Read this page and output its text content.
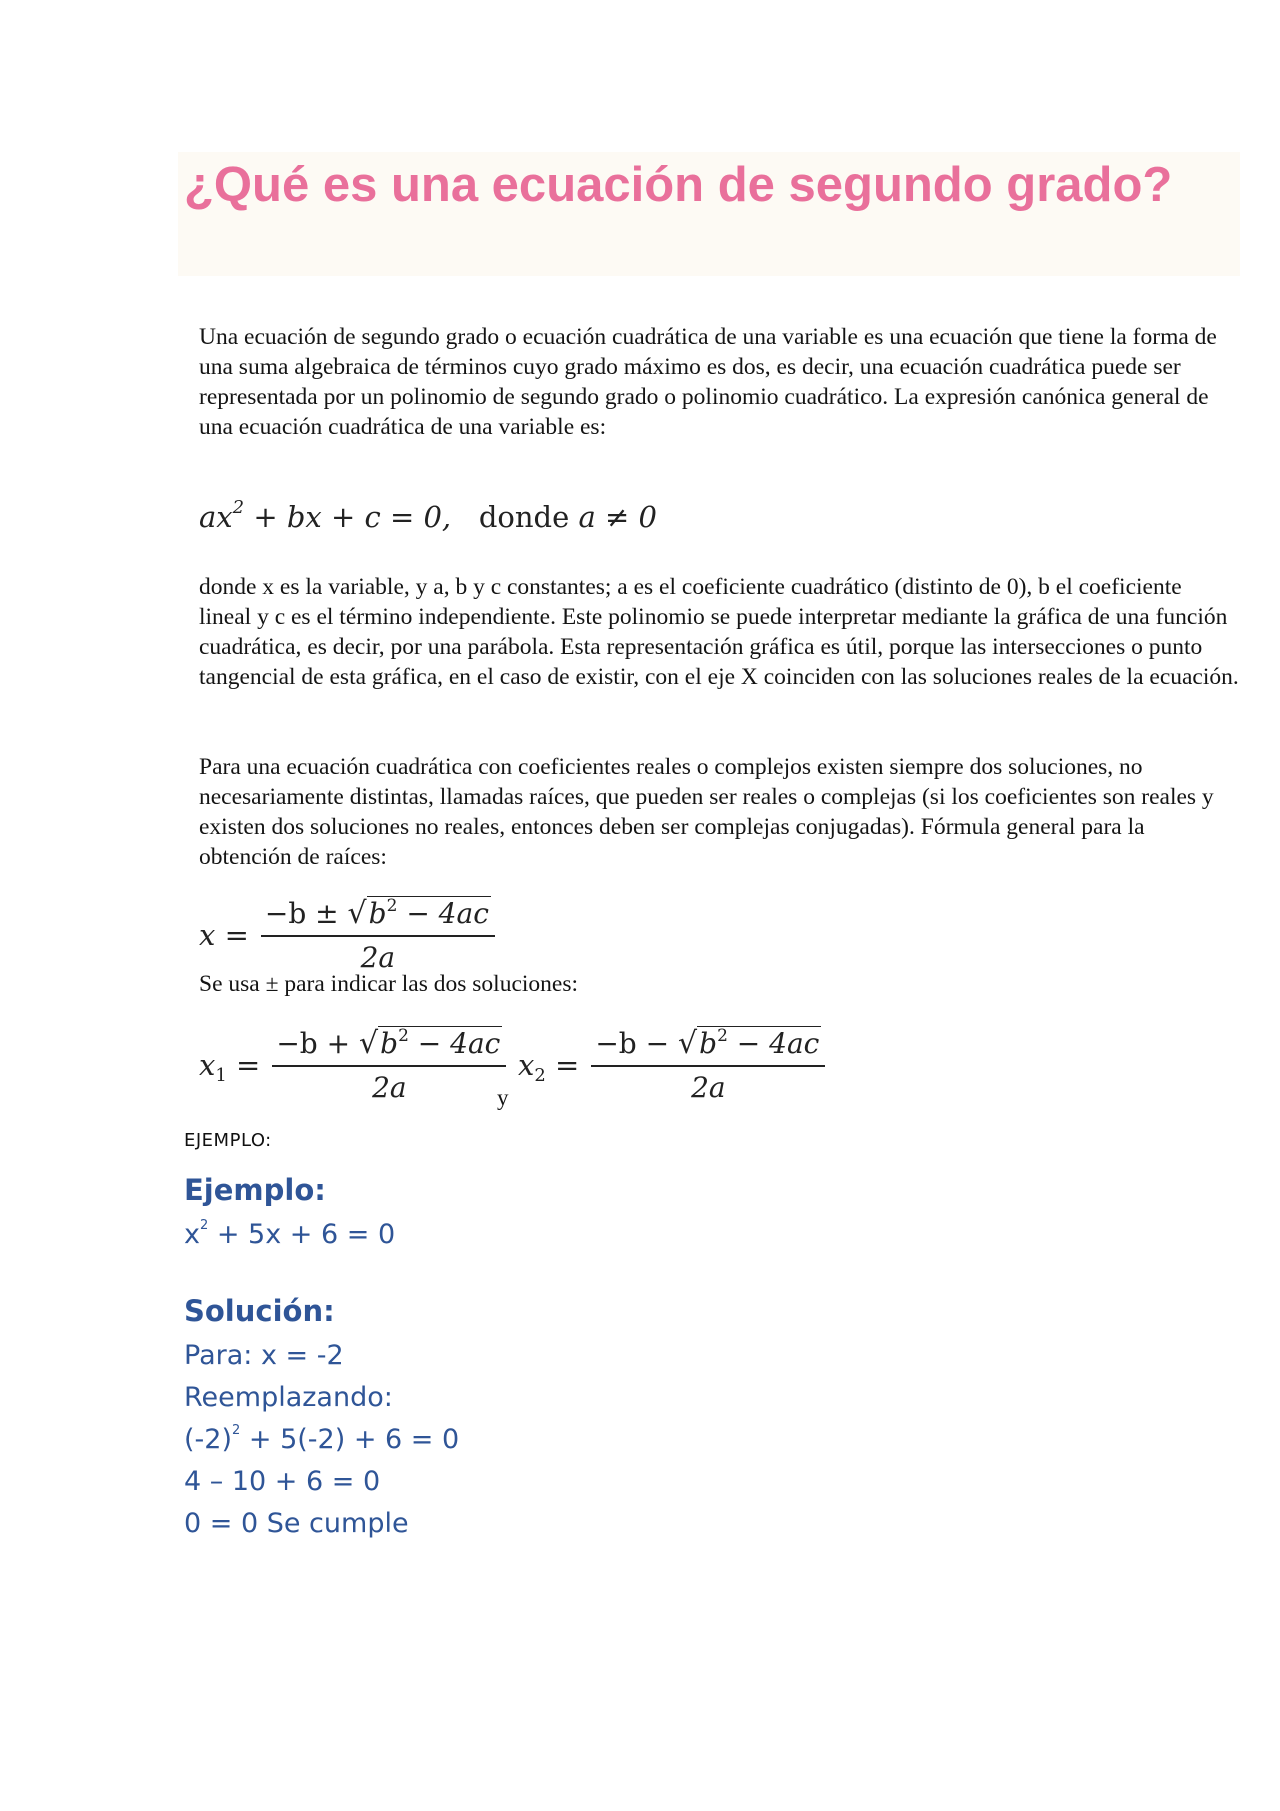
¿Qué es una ecuación de segundo grado?

Una ecuación de segundo grado o ecuación cuadrática de una variable es una ecuación que tiene la forma de una suma algebraica de términos cuyo grado máximo es dos, es decir, una ecuación cuadrática puede ser representada por un polinomio de segundo grado o polinomio cuadrático. La expresión canónica general de una ecuación cuadrática de una variable es:

$ax^2$ + bx + c = 0, donde a ≠ 0

donde x es la variable, y a, b y c constantes; a es el coeficiente cuadrático (distinto de 0), b el coeficiente lineal y c es el término independiente. Este polinomio se puede interpretar mediante la gráfica de una función cuadrática, es decir, por una parábola. Esta representación gráfica es útil, porque las intersecciones o punto tangencial de esta gráfica, en el caso de existir, con el eje X coinciden con las soluciones reales de la ecuación.

Para una ecuación cuadrática con coeficientes reales o complejos existen siempre dos soluciones, no necesariamente distintas, llamadas raíces, que pueden ser reales o complejas (si los coeficientes son reales y existen dos soluciones no reales, entonces deben ser complejas conjugadas). Fórmula general para la obtención de raíces:

$x = \frac{-b \pm √b^2 - 4ac}{2a}$

Se usa ± para indicar las dos soluciones:

$x_1 = \frac{-b + √b^2 - 4ac}{2a}$
y
$x_2 = \frac{-b - √b^2 - 4ac}{2a}$
EJEMPLO:
Ejemplo:
$x^2 + 5x + 6 = 0$
Solución:
Para: x = -2
Reemplazando:
$(-2)^2 + 5(-2) + 6 = 0$
4 – 10 + 6 = 0
0 = 0 Se cumple
